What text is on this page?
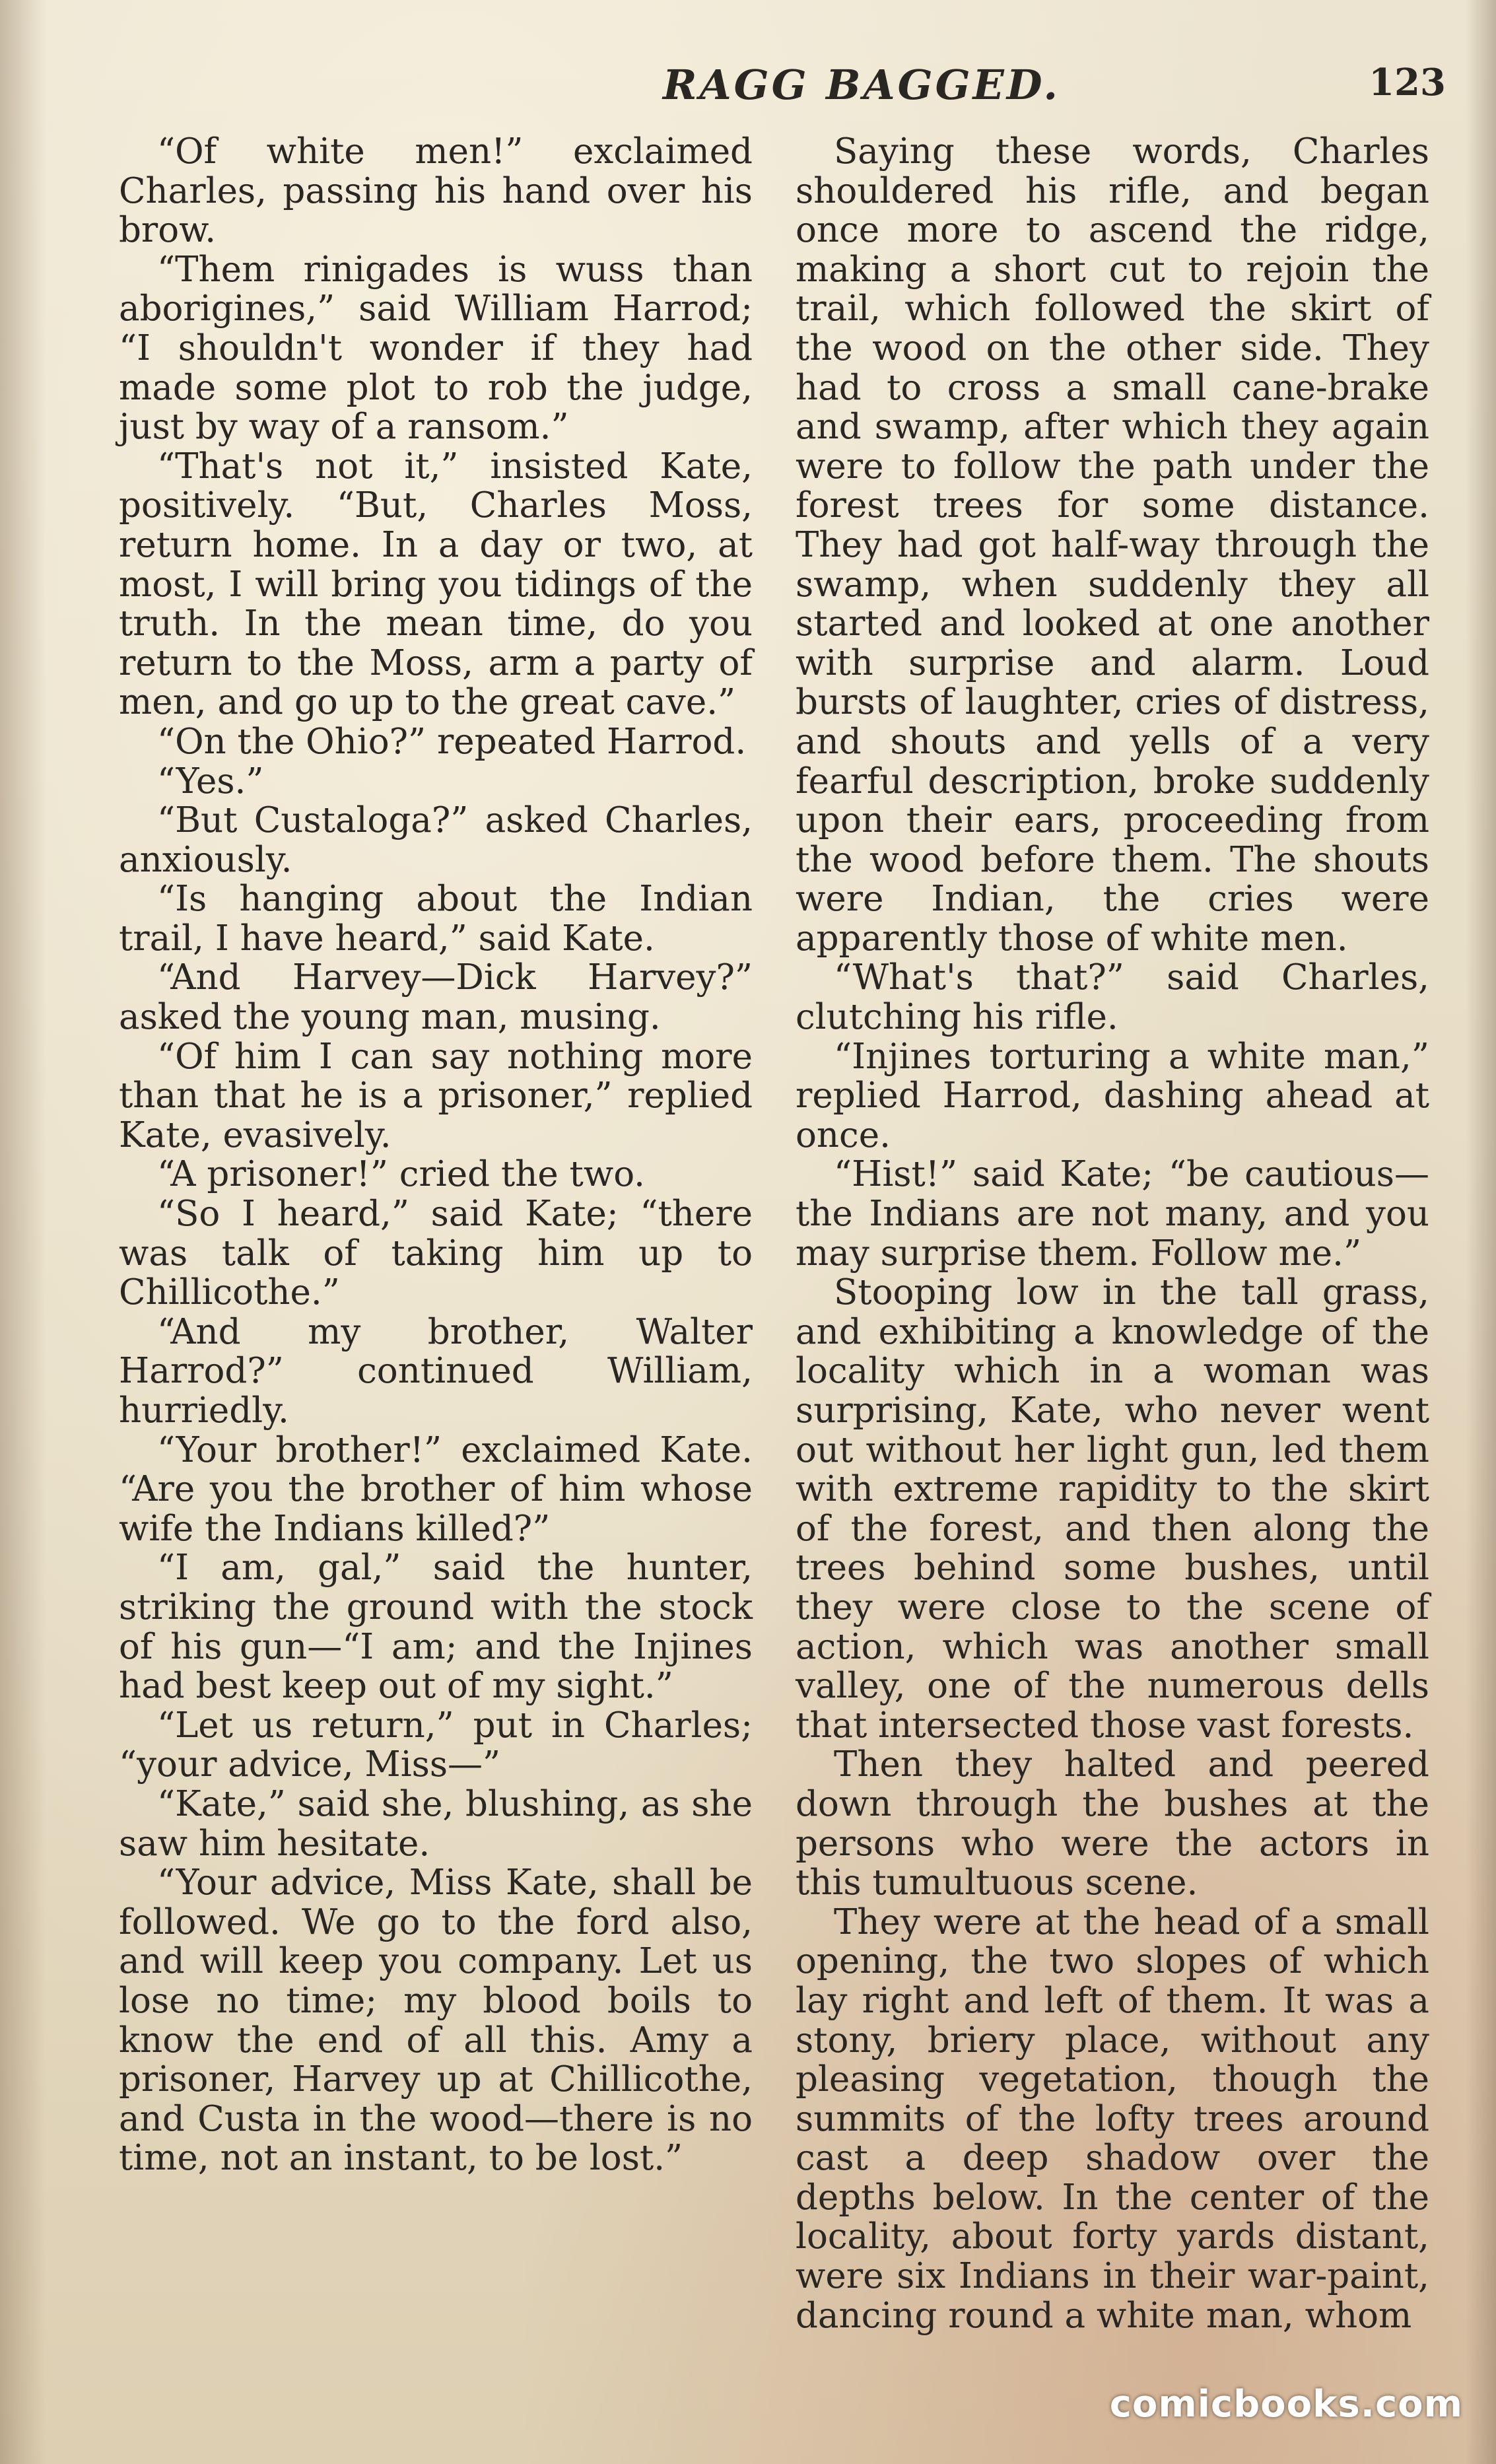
RAGG BAGGED.	123

“Of white men!” exclaimed Charles, passing his hand over his brow.

“Them rinigades is wuss than aborigines,” said William Harrod; “I shouldn't wonder if they had made some plot to rob the judge, just by way of a ransom.”

“That's not it,” insisted Kate, positively. “But, Charles Moss, return home. In a day or two, at most, I will bring you tidings of the truth. In the mean time, do you return to the Moss, arm a party of men, and go up to the great cave.”

“On the Ohio?” repeated Harrod.

“Yes.”

“But Custaloga?” asked Charles, anxiously.

“Is hanging about the Indian trail, I have heard,” said Kate.

“And Harvey—Dick Harvey?” asked the young man, musing.

“Of him I can say nothing more than that he is a prisoner,” replied Kate, evasively.

“A prisoner!” cried the two.

“So I heard,” said Kate; “there was talk of taking him up to Chillicothe.”

“And my brother, Walter Harrod?” continued William, hurriedly.

“Your brother!” exclaimed Kate. “Are you the brother of him whose wife the Indians killed?”

“I am, gal,” said the hunter, striking the ground with the stock of his gun—“I am; and the Injines had best keep out of my sight.”

“Let us return,” put in Charles; “your advice, Miss—”

“Kate,” said she, blushing, as she saw him hesitate.

“Your advice, Miss Kate, shall be followed. We go to the ford also, and will keep you company. Let us lose no time; my blood boils to know the end of all this. Amy a prisoner, Harvey up at Chillicothe, and Custa in the wood—there is no time, not an instant, to be lost.”

Saying these words, Charles shouldered his rifle, and began once more to ascend the ridge, making a short cut to rejoin the trail, which followed the skirt of the wood on the other side. They had to cross a small cane-brake and swamp, after which they again were to follow the path under the forest trees for some distance. They had got half-way through the swamp, when suddenly they all started and looked at one another with surprise and alarm. Loud bursts of laughter, cries of distress, and shouts and yells of a very fearful description, broke suddenly upon their ears, proceeding from the wood before them. The shouts were Indian, the cries were apparently those of white men.

“What's that?” said Charles, clutching his rifle.

“Injines torturing a white man,” replied Harrod, dashing ahead at once.

“Hist!” said Kate; “be cautious—the Indians are not many, and you may surprise them. Follow me.”

Stooping low in the tall grass, and exhibiting a knowledge of the locality which in a woman was surprising, Kate, who never went out without her light gun, led them with extreme rapidity to the skirt of the forest, and then along the trees behind some bushes, until they were close to the scene of action, which was another small valley, one of the numerous dells that intersected those vast forests.

Then they halted and peered down through the bushes at the persons who were the actors in this tumultuous scene.

They were at the head of a small opening, the two slopes of which lay right and left of them. It was a stony, briery place, without any pleasing vegetation, though the summits of the lofty trees around cast a deep shadow over the depths below. In the center of the locality, about forty yards distant, were six Indians in their war-paint, dancing round a white man, whom

comicbooks.com
